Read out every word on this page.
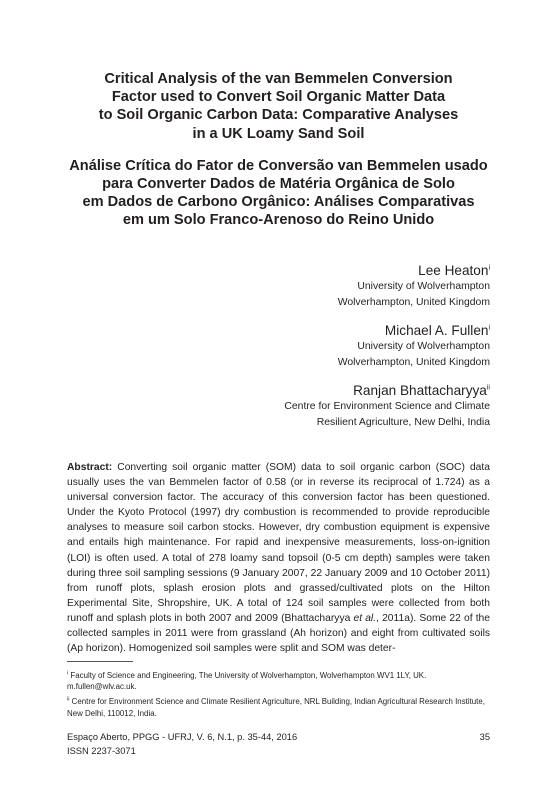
Critical Analysis of the van Bemmelen Conversion
Factor used to Convert Soil Organic Matter Data
to Soil Organic Carbon Data: Comparative Analyses
in a UK Loamy Sand Soil

Análise Crítica do Fator de Conversão van Bemmelen usado
para Converter Dados de Matéria Orgânica de Solo
em Dados de Carbono Orgânico: Análises Comparativas
em um Solo Franco-Arenoso do Reino Unido

Lee Heaton$^i$
University of Wolverhampton
Wolverhampton, United Kingdom
Michael A. Fullen$^i$
University of Wolverhampton
Wolverhampton, United Kingdom
Ranjan Bhattacharyya$^{ii}$
Centre for Environment Science and Climate
Resilient Agriculture, New Delhi, India

Abstract: Converting soil organic matter (SOM) data to soil organic carbon (SOC) data usually uses the van Bemmelen factor of 0.58 (or in reverse its reciprocal of 1.724) as a universal conversion factor. The accuracy of this conversion factor has been questioned. Under the Kyoto Protocol (1997) dry combustion is recommended to provide reproducible analyses to measure soil carbon stocks. However, dry combustion equipment is expensive and entails high maintenance. For rapid and inexpensive measurements, loss-on-ignition (LOI) is often used. A total of 278 loamy sand topsoil (0-5 cm depth) samples were taken during three soil sampling sessions (9 January 2007, 22 January 2009 and 10 October 2011) from runoff plots, splash erosion plots and grassed/cultivated plots on the Hilton Experimental Site, Shropshire, UK. A total of 124 soil samples were collected from both runoff and splash plots in both 2007 and 2009 (Bhattacharyya et al., 2011a). Some 22 of the collected samples in 2011 were from grassland (Ah horizon) and eight from cultivated soils (Ap horizon). Homogenized soil samples were split and SOM was deter-

$^i$ Faculty of Science and Engineering, The University of Wolverhampton, Wolverhampton WV1 1LY, UK. m.fullen@wlv.ac.uk.

$^{ii}$ Centre for Environment Science and Climate Resilient Agriculture, NRL Building, Indian Agricultural Research Institute, New Delhi, 110012, India.

Espaço Aberto, PPGG - UFRJ, V. 6, N.1, p. 35-44, 2016
ISSN 2237-3071
35
